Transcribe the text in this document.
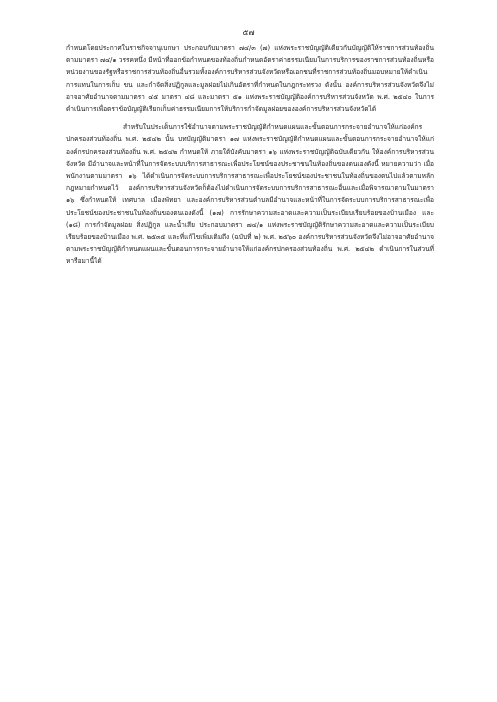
๕๗

กำหนดโดยประกาศในราชกิจจานุเบกษา ประกอบกับมาตรา ๗๔/๓ (๗) แห่งพระราชบัญญัติเดียวกันบัญญัติให้ราชการส่วนท้องถิ่นตามมาตรา ๗๔/๑ วรรคหนึ่ง มีหน้าที่ออกข้อกำหนดของท้องถิ่นกำหนดอัตราค่าธรรมเนียมในการบริการของราชการส่วนท้องถิ่นหรือหน่วยงานของรัฐหรือราชการส่วนท้องถิ่นอื่นรวมทั้งองค์การบริหารส่วนจังหวัดหรือเอกชนที่ราชการส่วนท้องถิ่นมอบหมายให้ดำเนินการแทนในการเก็บ ขน และกำจัดสิ่งปฏิกูลและมูลฝอยไม่เกินอัตราที่กำหนดในกฎกระทรวง ดังนั้น องค์การบริหารส่วนจังหวัดจึงไม่อาจอาศัยอำนาจตามมาตรา ๔๕ มาตรา ๔๘ และมาตรา ๕๑ แห่งพระราชบัญญัติองค์การบริหารส่วนจังหวัด พ.ศ. ๒๕๔๐ ในการดำเนินการเพื่อตราข้อบัญญัติเรียกเก็บค่าธรรมเนียมการให้บริการกำจัดมูลฝอยขององค์การบริหารส่วนจังหวัดได้

สำหรับในประเด็นการใช้อำนาจตามพระราชบัญญัติกำหนดแผนและขั้นตอนการกระจายอำนาจให้แก่องค์กรปกครองส่วนท้องถิ่น พ.ศ. ๒๕๔๒ นั้น บทบัญญัติมาตรา ๑๗ แห่งพระราชบัญญัติกำหนดแผนและขั้นตอนการกระจายอำนาจให้แก่องค์กรปกครองส่วนท้องถิ่น พ.ศ. ๒๕๔๒ กำหนดให้ ภายใต้บังคับมาตรา ๑๖ แห่งพระราชบัญญัติฉบับเดียวกัน ให้องค์การบริหารส่วนจังหวัด มีอำนาจและหน้าที่ในการจัดระบบบริการสาธารณะเพื่อประโยชน์ของประชาชนในท้องถิ่นของตนเองดังนี้ หมายความว่า เมื่อพนักงานตามมาตรา ๑๖ ได้ดำเนินการจัดระบบการบริการสาธารณะเพื่อประโยชน์ของประชาชนในท้องถิ่นของตนไปแล้วตามหลักกฎหมายกำหนดไว้ องค์การบริหารส่วนจังหวัดก็ต้องไปดำเนินการจัดระบบการบริการสาธารณะอื่นและเมื่อพิจารณาตามในมาตรา ๑๖ ซึ่งกำหนดให้ เทศบาล เมืองพัทยา และองค์การบริหารส่วนตำบลมีอำนาจและหน้าที่ในการจัดระบบการบริการสาธารณะเพื่อประโยชน์ของประชาชนในท้องถิ่นของตนเองดังนี้ (๑๗) การรักษาความสะอาดและความเป็นระเบียบเรียบร้อยของบ้านเมือง และ (๑๘) การกำจัดมูลฝอย สิ่งปฏิกูล และน้ำเสีย ประกอบมาตรา ๗๔/๑ แห่งพระราชบัญญัติรักษาความสะอาดและความเป็นระเบียบเรียบร้อยของบ้านเมือง พ.ศ. ๒๕๓๕ และที่แก้ไขเพิ่มเติมถึง (ฉบับที่ ๒) พ.ศ. ๒๕๖๐ องค์การบริหารส่วนจังหวัดจึงไม่อาจอาศัยอำนาจตามพระราชบัญญัติกำหนดแผนและขั้นตอนการกระจายอำนาจให้แก่องค์กรปกครองส่วนท้องถิ่น พ.ศ. ๒๕๔๒ ดำเนินการในส่วนที่หารือมานี้ได้
